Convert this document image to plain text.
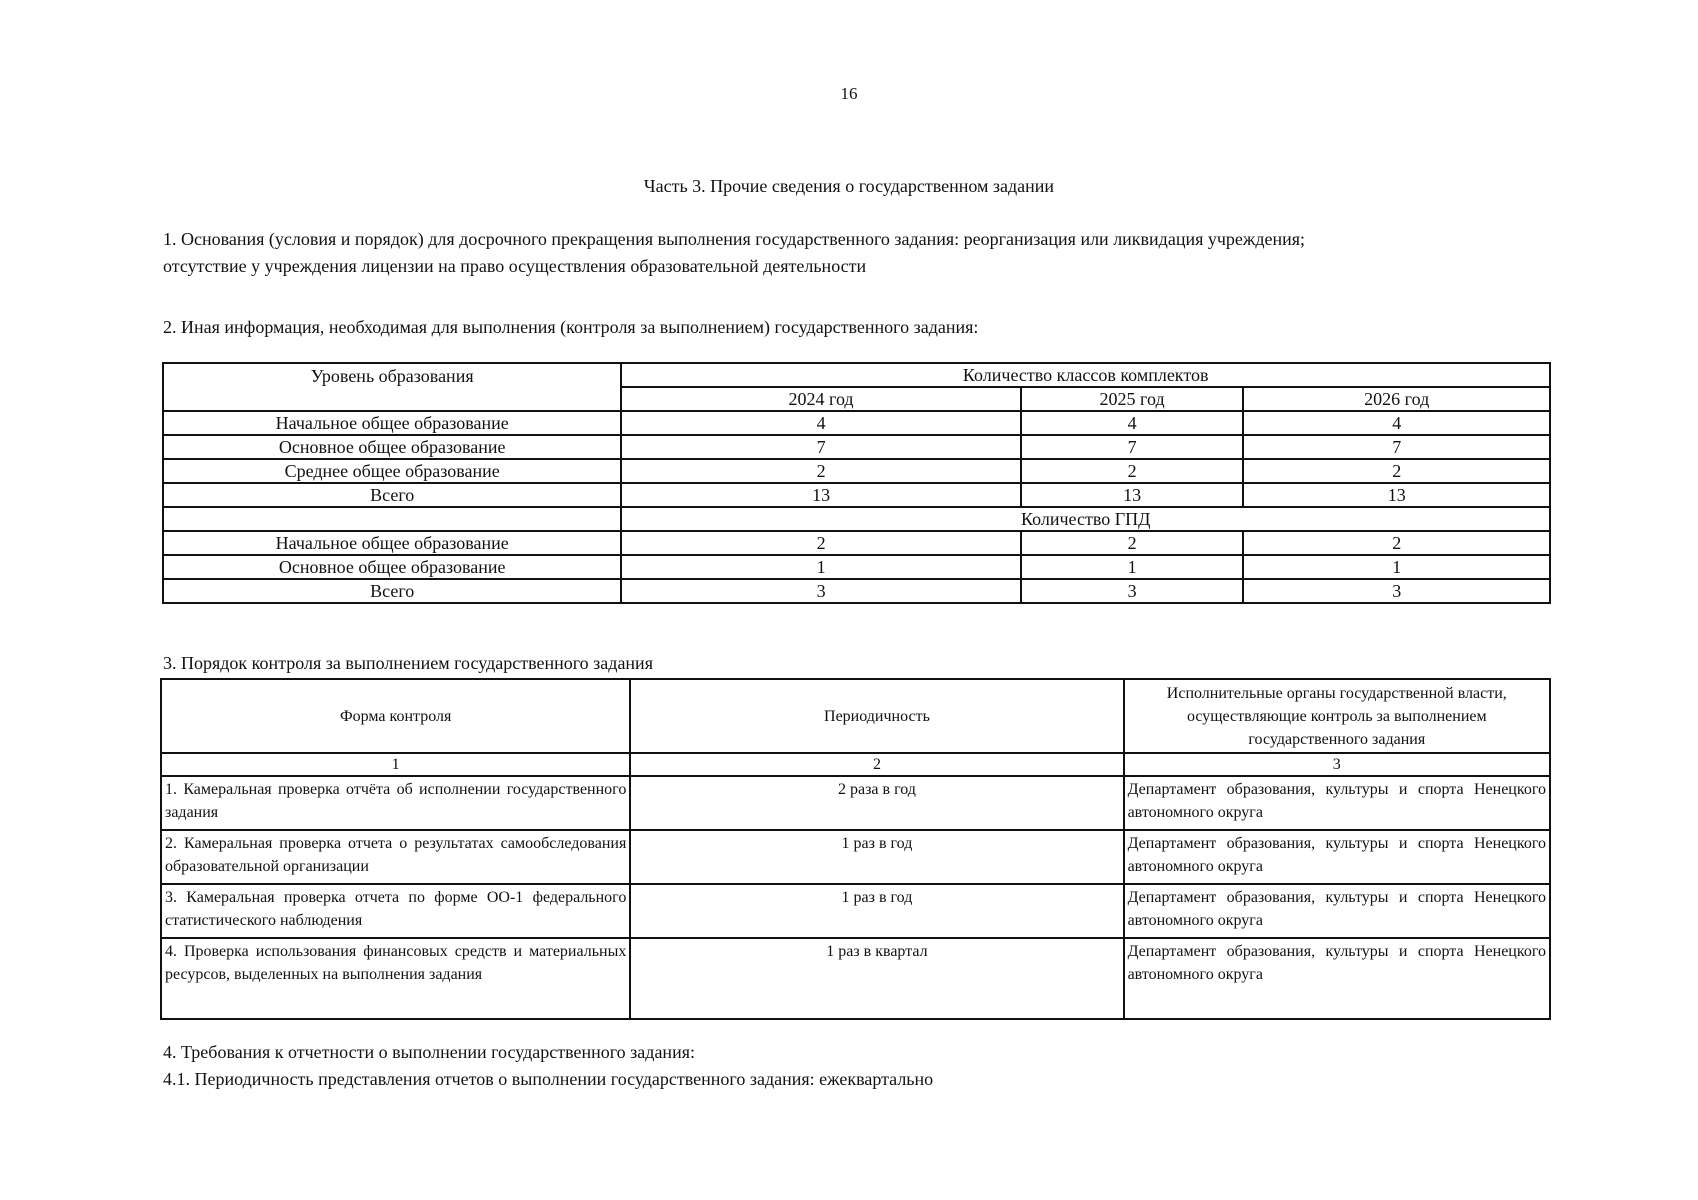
16
Часть 3. Прочие сведения о государственном задании
1. Основания (условия и порядок) для досрочного прекращения выполнения государственного задания: реорганизация или ликвидация учреждения;
отсутствие у учреждения лицензии на право осуществления образовательной деятельности
2. Иная информация, необходимая для выполнения (контроля за выполнением) государственного задания:
Уровень образования	Количество классов комплектов		
	2024 год	2025 год	2026 год
Начальное общее образование	4	4	4
Основное общее образование	7	7	7
Среднее общее образование	2	2	2
Всего	13	13	13
	Количество ГПД		
Начальное общее образование	2	2	2
Основное общее образование	1	1	1
Всего	3	3	3
3. Порядок контроля за выполнением государственного задания
Форма контроля	Периодичность	Исполнительные органы государственной власти, осуществляющие контроль за выполнением государственного задания
1	2	3
1. Камеральная проверка отчёта об исполнении государственного задания	2 раза в год	Департамент образования, культуры и спорта Ненецкого автономного округа
2. Камеральная проверка отчета о результатах самообследования образовательной организации	1 раз в год	Департамент образования, культуры и спорта Ненецкого автономного округа
3. Камеральная проверка отчета по форме ОО-1 федерального статистического наблюдения	1 раз в год	Департамент образования, культуры и спорта Ненецкого автономного округа
4. Проверка использования финансовых средств и материальных ресурсов, выделенных на выполнения задания	1 раз в квартал	Департамент образования, культуры и спорта Ненецкого автономного округа
4. Требования к отчетности о выполнении государственного задания:
4.1. Периодичность представления отчетов о выполнении государственного задания: ежеквартально
